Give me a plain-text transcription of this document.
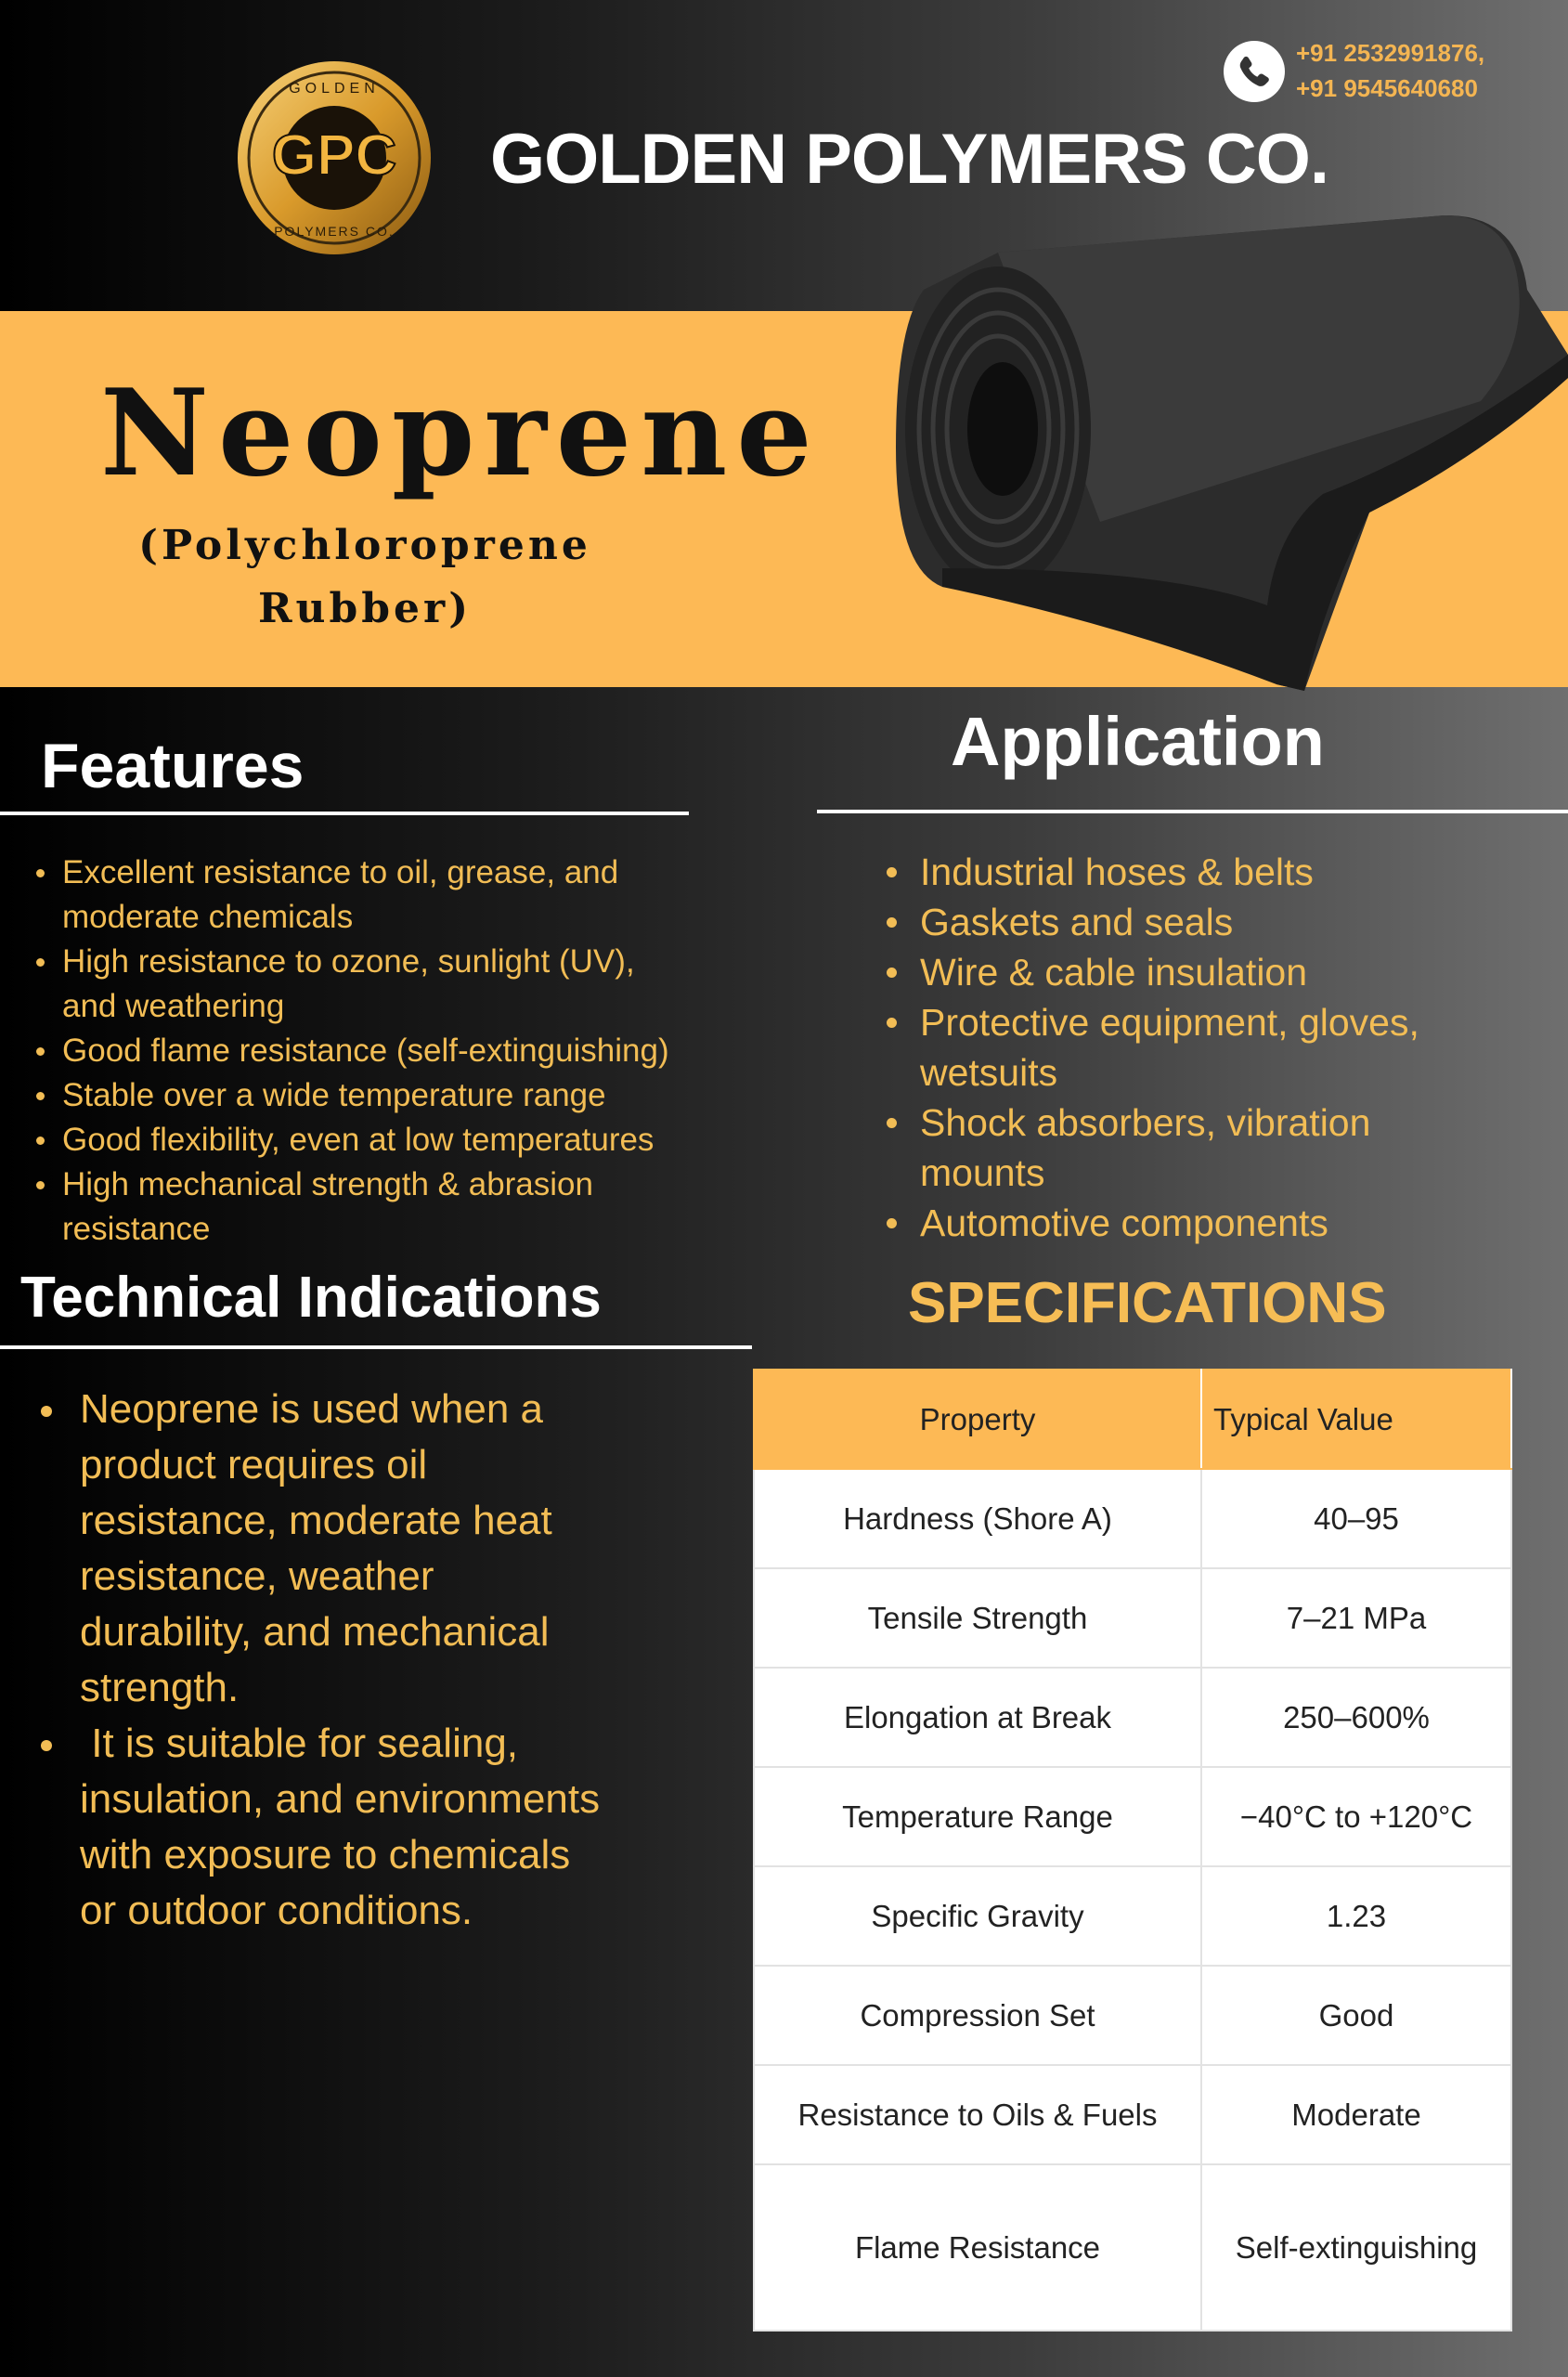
GPC
GOLDEN
POLYMERS CO.
GOLDEN POLYMERS CO.
+91 2532991876,
+91 9545640680
Neoprene
(Polychloroprene
Rubber)
Features
Excellent resistance to oil, grease, and
moderate chemicals
High resistance to ozone, sunlight (UV),
and weathering
Good flame resistance (self-extinguishing)
Stable over a wide temperature range
Good flexibility, even at low temperatures
High mechanical strength & abrasion
resistance
Application
Industrial hoses & belts
Gaskets and seals
Wire & cable insulation
Protective equipment, gloves,
wetsuits
Shock absorbers, vibration
mounts
Automotive components
Technical Indications
Neoprene is used when a
product requires oil
resistance, moderate heat
resistance, weather
durability, and mechanical
strength.
It is suitable for sealing,
insulation, and environments
with exposure to chemicals
or outdoor conditions.
SPECIFICATIONS
Property	Typical Value
Hardness (Shore A)	40–95
Tensile Strength	7–21 MPa
Elongation at Break	250–600%
Temperature Range	−40°C to +120°C
Specific Gravity	1.23
Compression Set	Good
Resistance to Oils & Fuels	Moderate
Flame Resistance	Self-extinguishing
